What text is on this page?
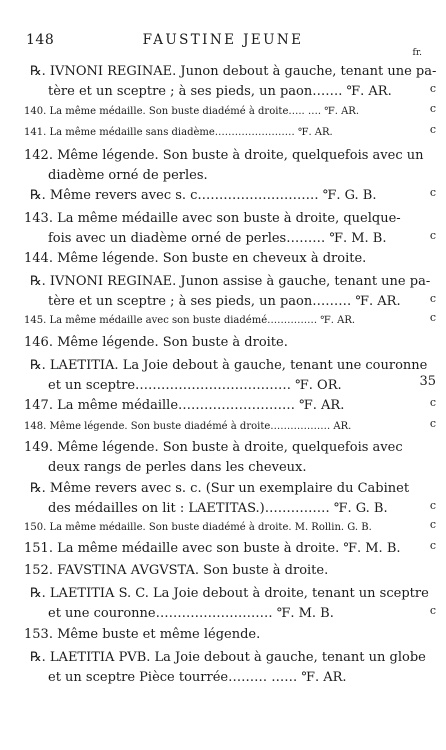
148	FAUSTINE JEUNE
fr.
℞. IVNONI REGINAE. Junon debout à gauche, tenant une pa-
tère et un sceptre ; à ses pieds, un paon……. ℉. AR.	c
140. La même médaille. Son buste diadémé à droite….. …. ℉. AR.	c
141. La même médaille sans diadème…………………… ℉. AR.	c
142. Même légende. Son buste à droite, quelquefois avec un
diadème orné de perles.
℞. Même revers avec s. c.……………………… ℉. G. B.	c
143. La même médaille avec son buste à droite, quelque-
fois avec un diadème orné de perles……… ℉. M. B.	c
144. Même légende. Son buste en cheveux à droite.
℞. IVNONI REGINAE. Junon assise à gauche, tenant une pa-
tère et un sceptre ; à ses pieds, un paon……… ℉. AR.	c
145. La même médaille avec son buste diadémé…………… ℉. AR.	c
146. Même légende. Son buste à droite.
℞. LAETITIA. La Joie debout à gauche, tenant une couronne
et un sceptre……………………………… ℉. OR.	35
147. La même médaille……………………… ℉. AR.	c
148. Même légende. Son buste diadémé à droite……………… AR.	c
149. Même légende. Son buste à droite, quelquefois avec
deux rangs de perles dans les cheveux.
℞. Même revers avec s. c. (Sur un exemplaire du Cabinet
des médailles on lit : LAETITAS.)…………… ℉. G. B.	c
150. La même médaille. Son buste diadémé à droite. M. Rollin. G. B.	c
151. La même médaille avec son buste à droite. ℉. M. B.	c
152. FAVSTINA AVGVSTA. Son buste à droite.
℞. LAETITIA S. C. La Joie debout à droite, tenant un sceptre
et une couronne……………………… ℉. M. B.	c
153. Même buste et même légende.
℞. LAETITIA PVB. La Joie debout à gauche, tenant un globe
et un sceptre Pièce tourrée……… …… ℉. AR.
